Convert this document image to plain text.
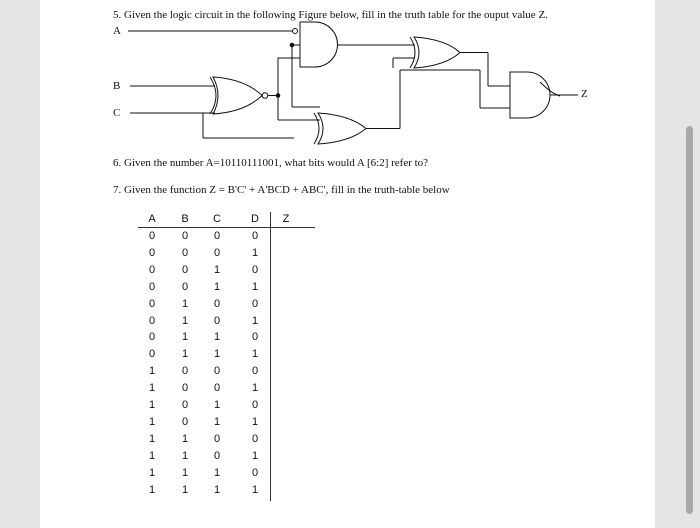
5. Given the logic circuit in the following Figure below, fill in the truth table for the ouput value Z.
A
B
C
Z
6. Given the number A=10110111001, what bits would A [6:2] refer to?
7. Given the function Z = B'C' + A'BCD + ABC', fill in the truth-table below
A	B	C	D	Z
0	0	0	0
0	0	0	1
0	0	1	0
0	0	1	1
0	1	0	0
0	1	0	1
0	1	1	0
0	1	1	1
1	0	0	0
1	0	0	1
1	0	1	0
1	0	1	1
1	1	0	0
1	1	0	1
1	1	1	0
1	1	1	1
